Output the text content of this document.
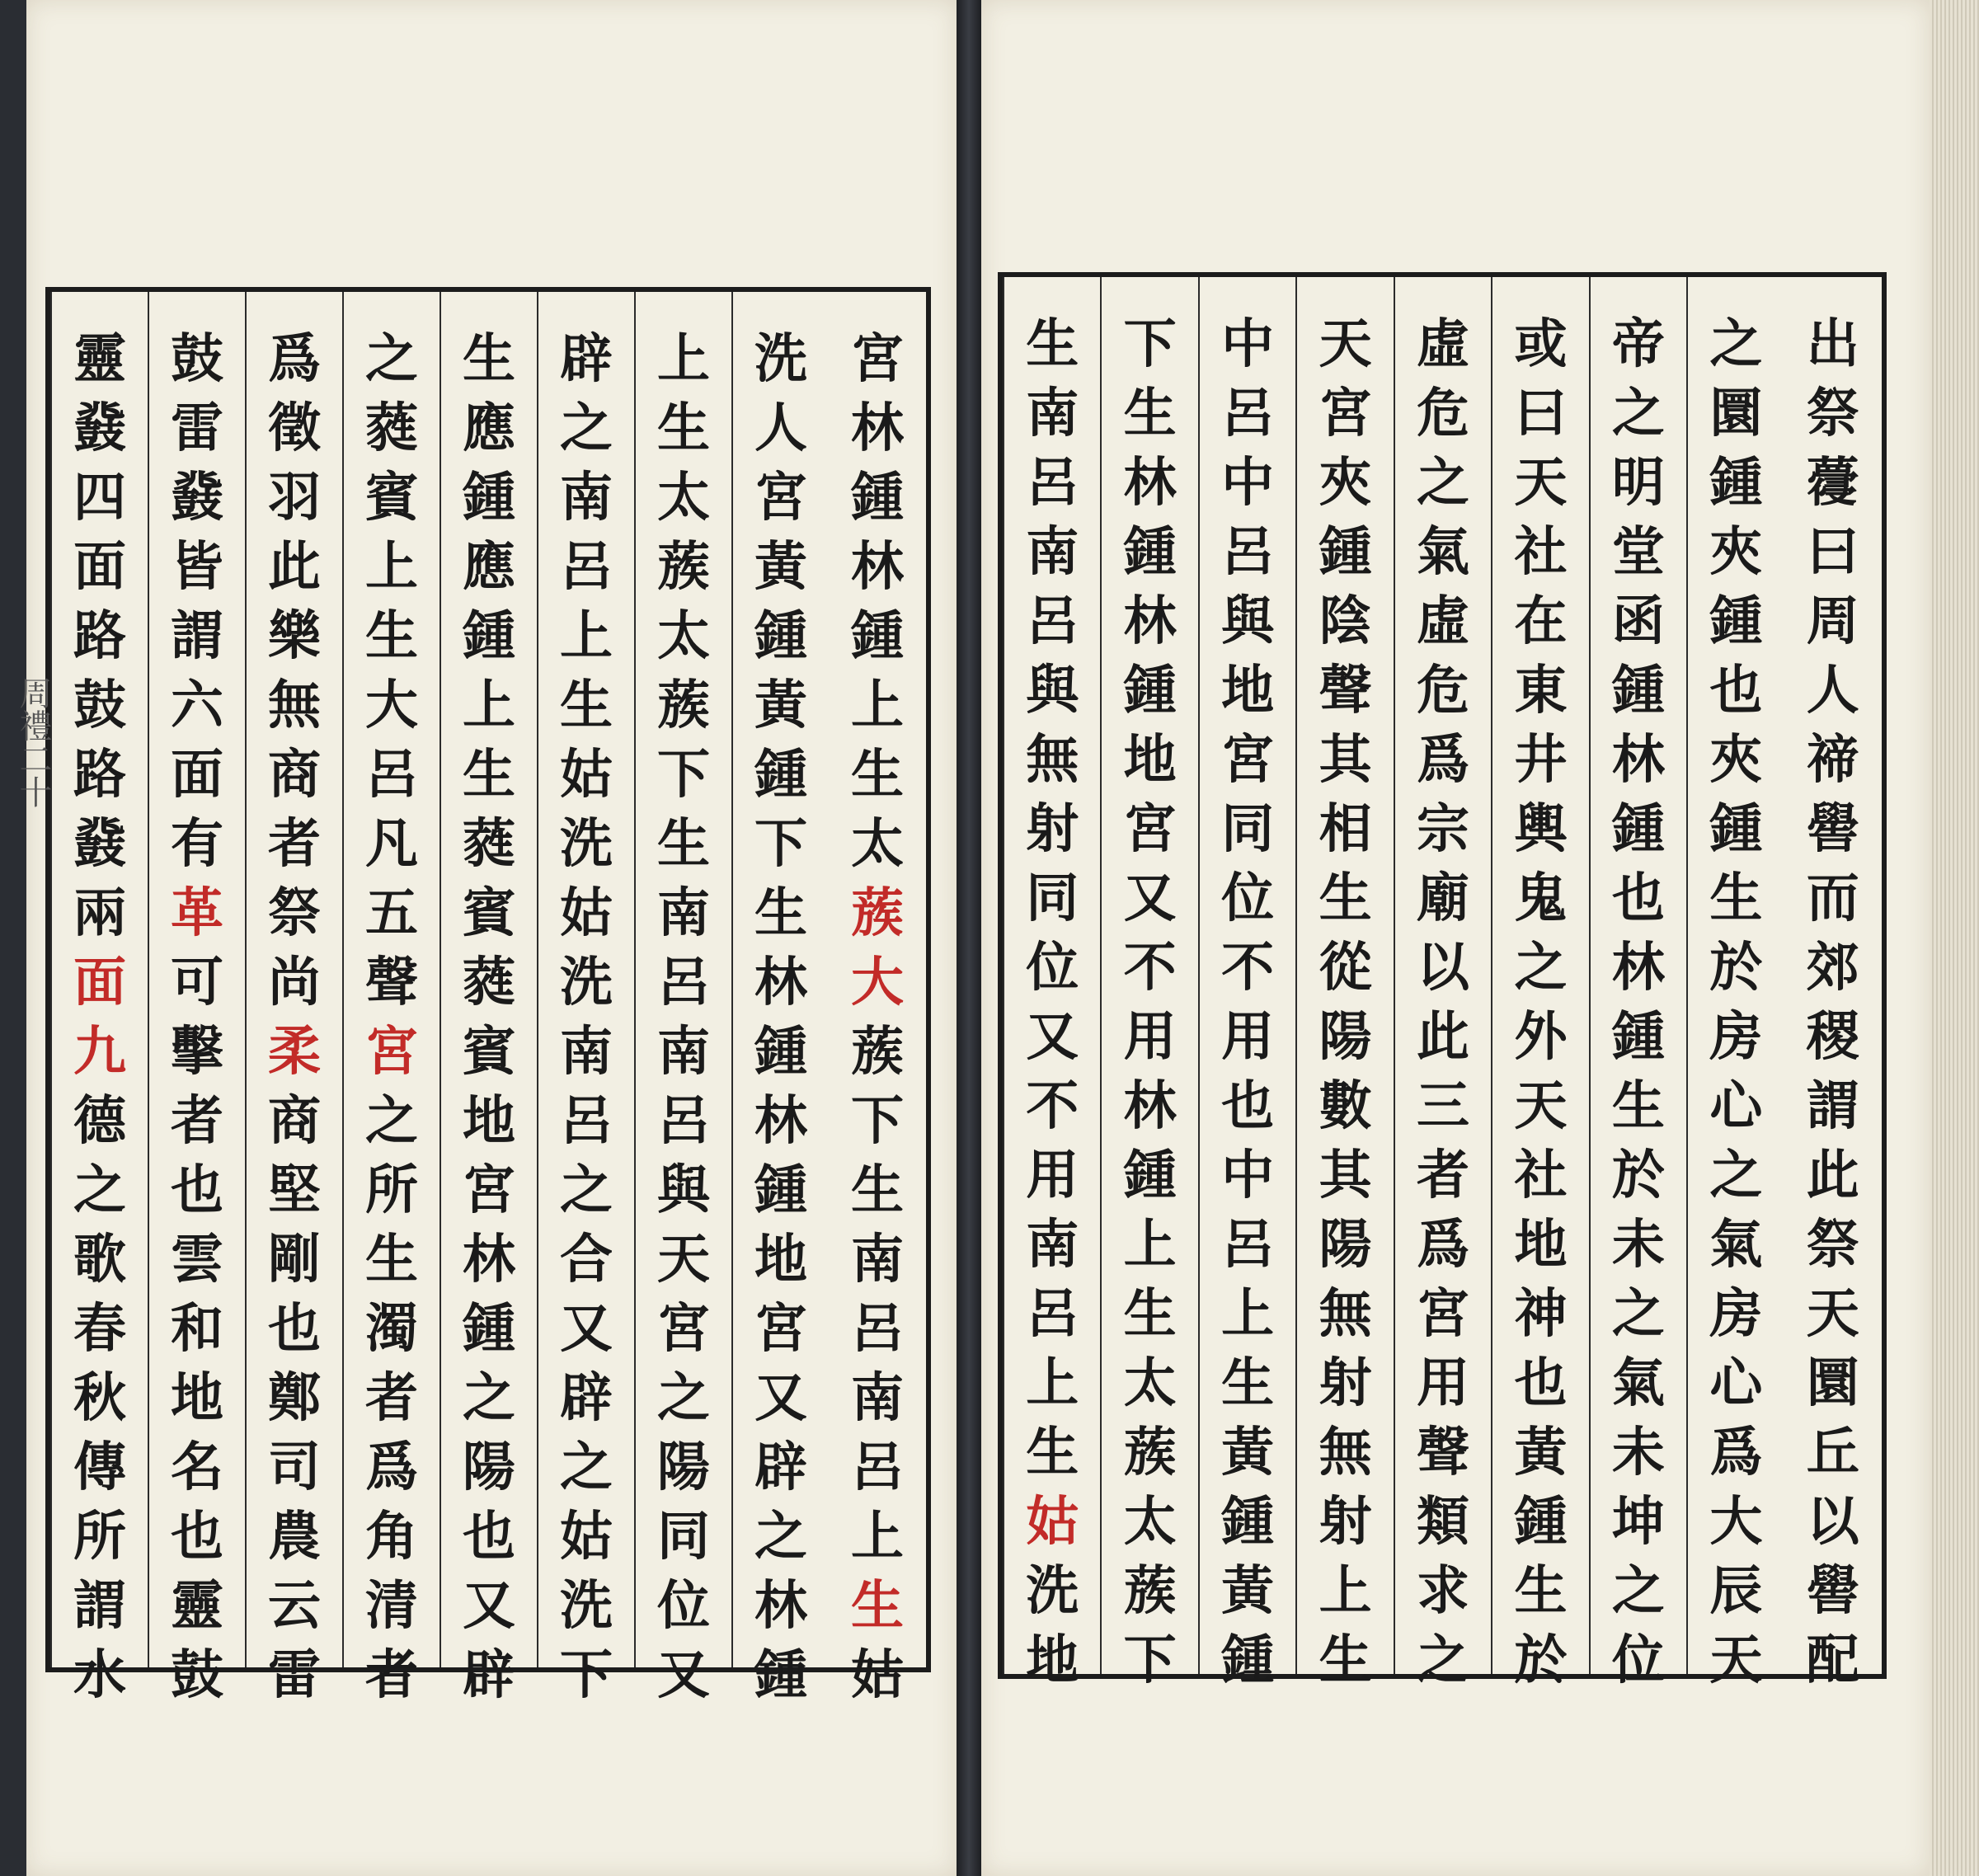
宮
林
鍾
林
鍾
上
生
太
蔟
大
蔟
下
生
南
呂
南
呂
上
生
姑
洗
人
宮
黃
鍾
黃
鍾
下
生
林
鍾
林
鍾
地
宮
又
辟
之
林
鍾
上
生
太
蔟
太
蔟
下
生
南
呂
南
呂
與
天
宮
之
陽
同
位
又
辟
之
南
呂
上
生
姑
洗
姑
洗
南
呂
之
合
又
辟
之
姑
洗
下
生
應
鍾
應
鍾
上
生
蕤
賓
蕤
賓
地
宮
林
鍾
之
陽
也
又
辟
之
蕤
賓
上
生
大
呂
凡
五
聲
宮
之
所
生
濁
者
爲
角
清
者
爲
徵
羽
此
樂
無
商
者
祭
尚
柔
商
堅
剛
也
鄭
司
農
云
雷
鼓
雷
鼗
皆
謂
六
面
有
革
可
擊
者
也
雲
和
地
名
也
靈
鼓
靈
鼗
四
面
路
鼓
路
鼗
兩
面
九
德
之
歌
春
秋
傳
所
謂
水
出
祭
蘉
曰
周
人
禘
嚳
而
郊
稷
謂
此
祭
天
圜
丘
以
嚳
配
之
圜
鍾
夾
鍾
也
夾
鍾
生
於
房
心
之
氣
房
心
爲
大
辰
天
帝
之
明
堂
函
鍾
林
鍾
也
林
鍾
生
於
未
之
氣
未
坤
之
位
或
曰
天
社
在
東
井
輿
鬼
之
外
天
社
地
神
也
黃
鍾
生
於
虛
危
之
氣
虛
危
爲
宗
廟
以
此
三
者
爲
宮
用
聲
類
求
之
天
宮
夾
鍾
陰
聲
其
相
生
從
陽
數
其
陽
無
射
無
射
上
生
中
呂
中
呂
與
地
宮
同
位
不
用
也
中
呂
上
生
黃
鍾
黃
鍾
下
生
林
鍾
林
鍾
地
宮
又
不
用
林
鍾
上
生
太
蔟
太
蔟
下
生
南
呂
南
呂
與
無
射
同
位
又
不
用
南
呂
上
生
姑
洗
地
周禮二十
